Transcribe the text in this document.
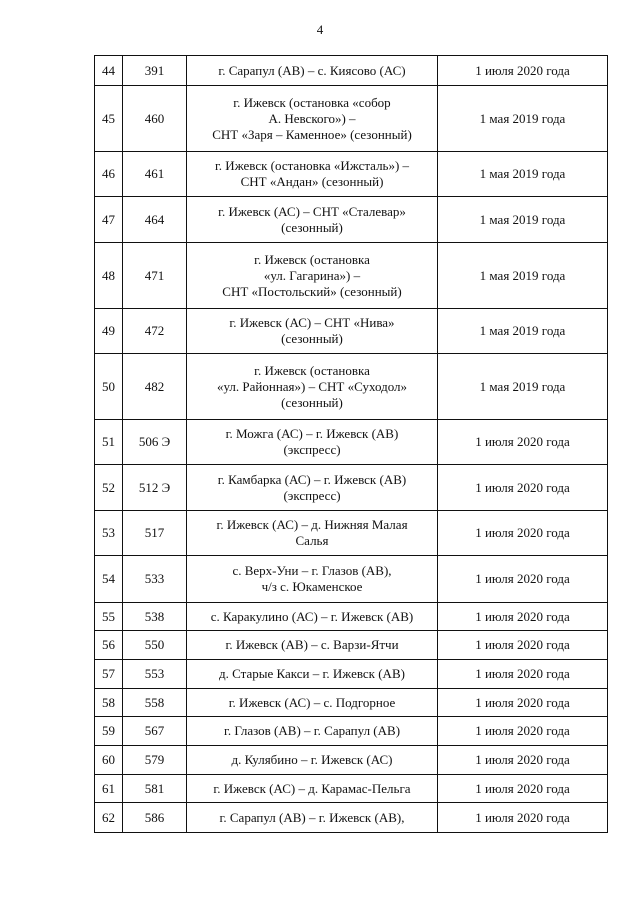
4
44	391	г. Сарапул (АВ) – с. Киясово (АС)	1 июля 2020 года
45	460	г. Ижевск (остановка «собор
А. Невского») –
СНТ «Заря – Каменное» (сезонный)	1 мая 2019 года
46	461	г. Ижевск (остановка «Ижсталь») –
СНТ «Андан» (сезонный)	1 мая 2019 года
47	464	г. Ижевск (АС) – СНТ «Сталевар»
(сезонный)	1 мая 2019 года
48	471	г. Ижевск (остановка
«ул. Гагарина») –
СНТ «Постольский» (сезонный)	1 мая 2019 года
49	472	г. Ижевск (АС) – СНТ «Нива»
(сезонный)	1 мая 2019 года
50	482	г. Ижевск (остановка
«ул. Районная») – СНТ «Суходол»
(сезонный)	1 мая 2019 года
51	506 Э	г. Можга (АС) – г. Ижевск (АВ)
(экспресс)	1 июля 2020 года
52	512 Э	г. Камбарка (АС) – г. Ижевск (АВ)
(экспресс)	1 июля 2020 года
53	517	г. Ижевск (АС) – д. Нижняя Малая
Салья	1 июля 2020 года
54	533	с. Верх-Уни – г. Глазов (АВ),
ч/з с. Юкаменское	1 июля 2020 года
55	538	с. Каракулино (АС) – г. Ижевск (АВ)	1 июля 2020 года
56	550	г. Ижевск (АВ) – с. Варзи-Ятчи	1 июля 2020 года
57	553	д. Старые Какси – г. Ижевск (АВ)	1 июля 2020 года
58	558	г. Ижевск (АС) – с. Подгорное	1 июля 2020 года
59	567	г. Глазов (АВ) – г. Сарапул (АВ)	1 июля 2020 года
60	579	д. Кулябино – г. Ижевск (АС)	1 июля 2020 года
61	581	г. Ижевск (АС) – д. Карамас-Пельга	1 июля 2020 года
62	586	г. Сарапул (АВ) – г. Ижевск (АВ),	1 июля 2020 года
